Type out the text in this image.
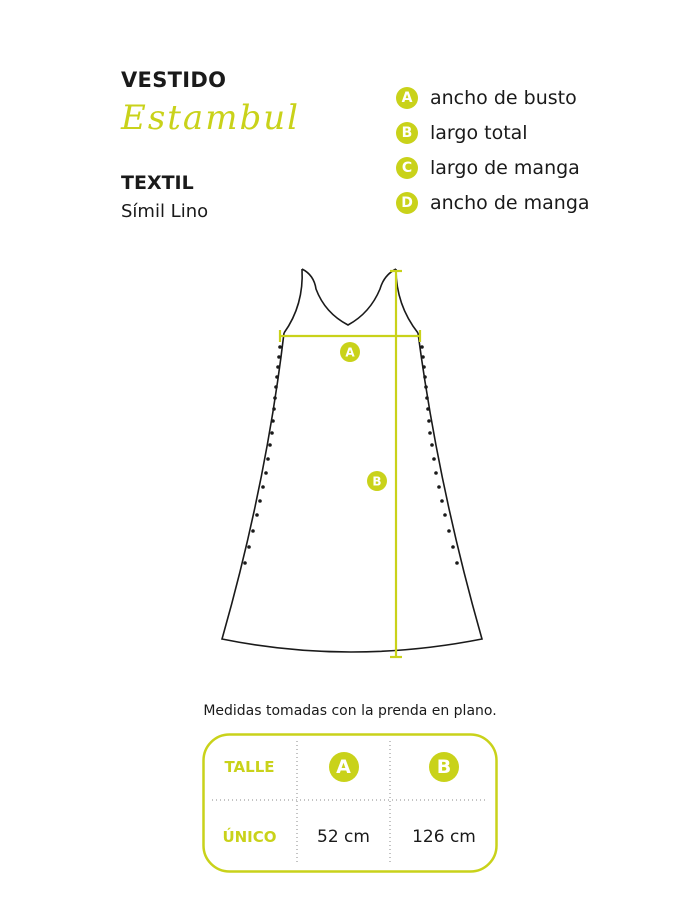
VESTIDO
Estambul
TEXTIL
Símil Lino
A ancho de busto
B largo total
C largo de manga
D ancho de manga
A
B
Medidas tomadas con la prenda en plano.
TALLE	A	B
ÚNICO 52 cm 126 cm
